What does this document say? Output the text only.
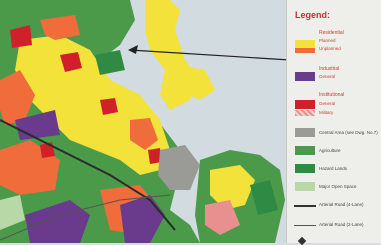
Legend:
Residential
Planned
Unplanned
Industrial
General
Institutional
General
Military
Central Area (see Dwg. No.7)
Agriculture
Hazard Lands
Major Open Space
Arterial Road (4-Lane)
Arterial Road (2-Lane)
